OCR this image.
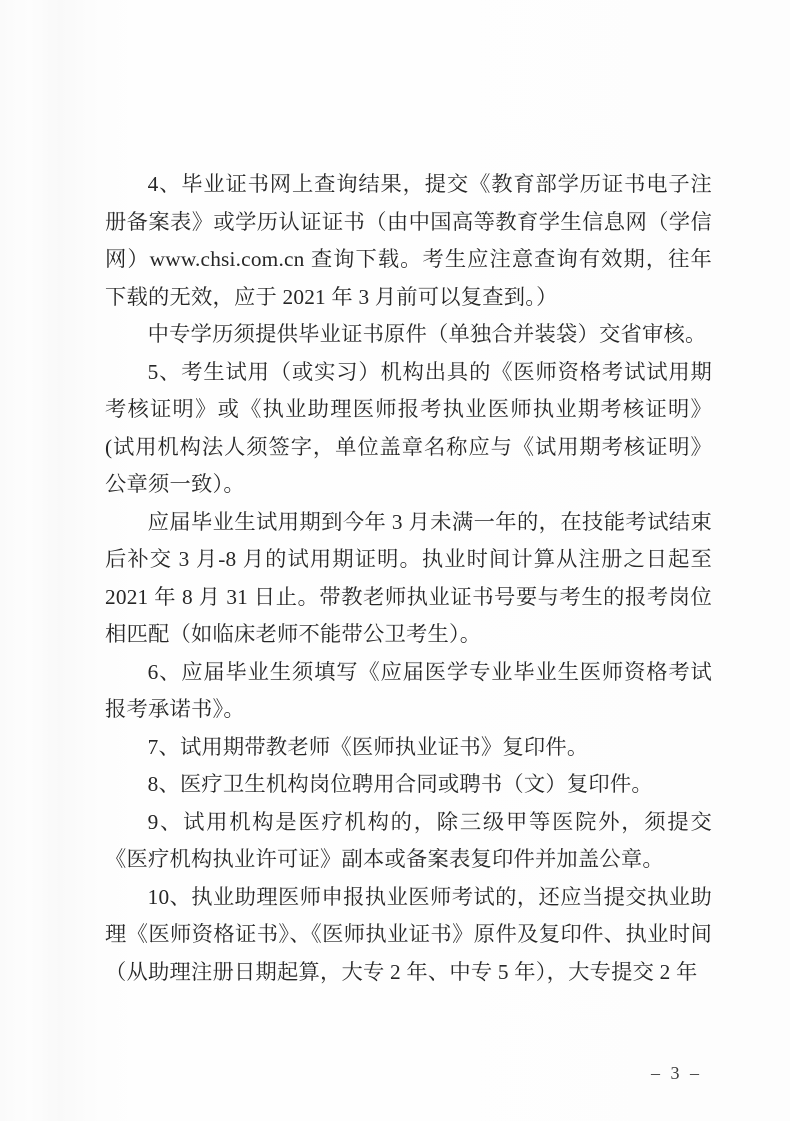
4、毕业证书网上查询结果，提交《教育部学历证书电子注册备案表》或学历认证证书（由中国高等教育学生信息网（学信网）www.chsi.com.cn 查询下载。考生应注意查询有效期，往年下载的无效，应于 2021 年 3 月前可以复查到。）

中专学历须提供毕业证书原件（单独合并装袋）交省审核。

5、考生试用（或实习）机构出具的《医师资格考试试用期考核证明》或《执业助理医师报考执业医师执业期考核证明》(试用机构法人须签字，单位盖章名称应与《试用期考核证明》公章须一致）。

应届毕业生试用期到今年 3 月未满一年的，在技能考试结束后补交 3 月-8 月的试用期证明。执业时间计算从注册之日起至 2021 年 8 月 31 日止。带教老师执业证书号要与考生的报考岗位相匹配（如临床老师不能带公卫考生）。

6、应届毕业生须填写《应届医学专业毕业生医师资格考试报考承诺书》。

7、试用期带教老师《医师执业证书》复印件。

8、医疗卫生机构岗位聘用合同或聘书（文）复印件。

9、试用机构是医疗机构的，除三级甲等医院外，须提交《医疗机构执业许可证》副本或备案表复印件并加盖公章。

10、执业助理医师申报执业医师考试的，还应当提交执业助理《医师资格证书》、《医师执业证书》原件及复印件、执业时间（从助理注册日期起算，大专 2 年、中专 5 年），大专提交 2 年

– 3 –
